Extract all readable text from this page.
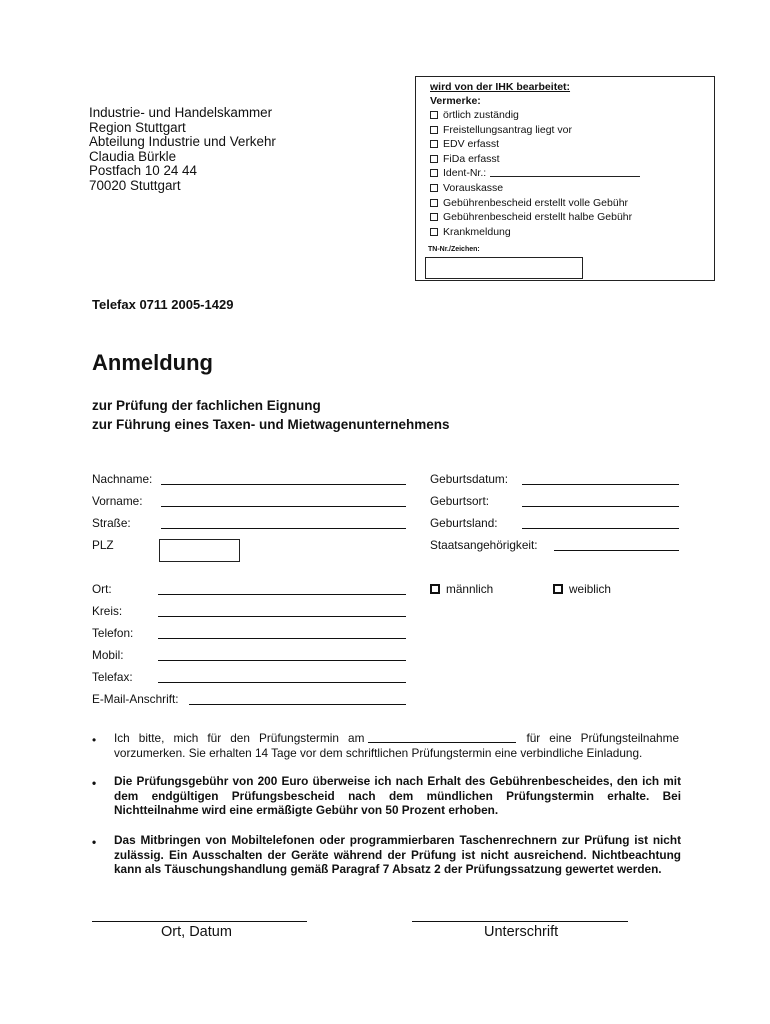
Industrie- und Handelskammer
Region Stuttgart
Abteilung Industrie und Verkehr
Claudia Bürkle
Postfach 10 24 44
70020 Stuttgart
wird von der IHK bearbeitet:
Vermerke:
örtlich zuständig
Freistellungsantrag liegt vor
EDV erfasst
FiDa erfasst
Ident-Nr.:
Vorauskasse
Gebührenbescheid erstellt volle Gebühr
Gebührenbescheid erstellt halbe Gebühr
Krankmeldung
TN-Nr./Zeichen:
Telefax 0711 2005-1429
Anmeldung
zur Prüfung der fachlichen Eignung
zur Führung eines Taxen- und Mietwagenunternehmens
Nachname:
Vorname:
Straße:
PLZ
Ort:
Kreis:
Telefon:
Mobil:
Telefax:
E-Mail-Anschrift:
Geburtsdatum:
Geburtsort:
Geburtsland:
Staatsangehörigkeit:
männlich	weiblich
• Ich bitte, mich für den Prüfungstermin am	für eine Prüfungsteilnahme vorzumerken. Sie erhalten 14 Tage vor dem schriftlichen Prüfungstermin eine verbindliche Einladung.
• Die Prüfungsgebühr von 200 Euro überweise ich nach Erhalt des Gebührenbescheides, den ich mit dem endgültigen Prüfungsbescheid nach dem mündlichen Prüfungstermin erhalte. Bei Nichtteilnahme wird eine ermäßigte Gebühr von 50 Prozent erhoben.
• Das Mitbringen von Mobiltelefonen oder programmierbaren Taschenrechnern zur Prüfung ist nicht zulässig. Ein Ausschalten der Geräte während der Prüfung ist nicht ausreichend. Nichtbeachtung kann als Täuschungshandlung gemäß Paragraf 7 Absatz 2 der Prüfungssatzung gewertet werden.
Ort, Datum	Unterschrift
